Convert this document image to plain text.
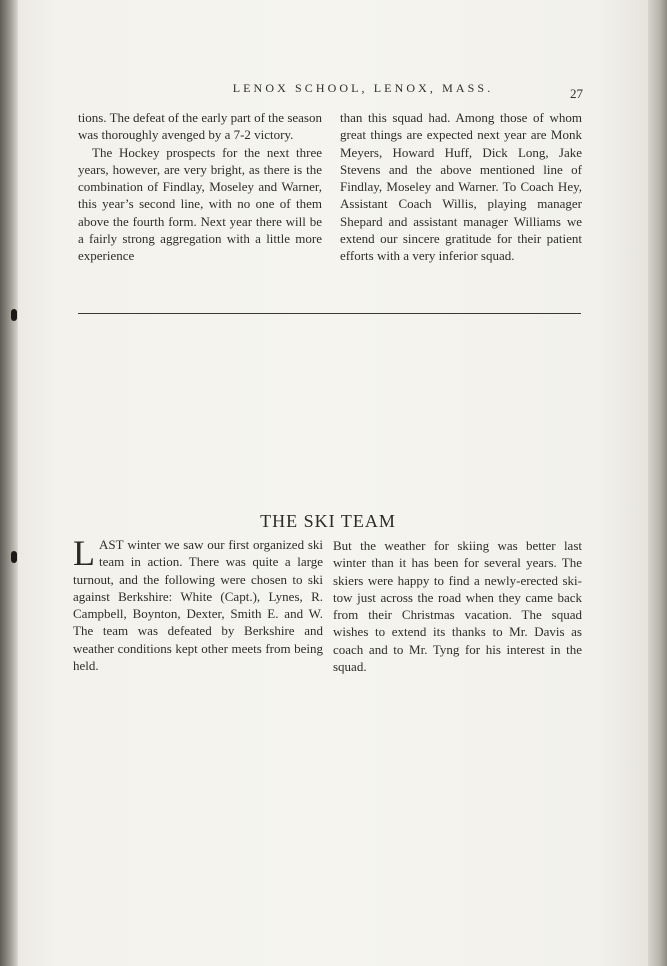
LENOX SCHOOL, LENOX, MASS.	27

tions. The defeat of the early part of the season was thoroughly avenged by a 7-2 victory.

The Hockey prospects for the next three years, however, are very bright, as there is the combination of Findlay, Moseley and Warner, this year’s second line, with no one of them above the fourth form. Next year there will be a fairly strong aggregation with a little more experience

than this squad had. Among those of whom great things are expected next year are Monk Meyers, Howard Huff, Dick Long, Jake Stevens and the above mentioned line of Findlay, Moseley and Warner. To Coach Hey, Assistant Coach Willis, playing manager Shepard and assistant manager Williams we extend our sincere gratitude for their patient efforts with a very inferior squad.

THE SKI TEAM

LAST winter we saw our first organized ski team in action. There was quite a large turnout, and the following were chosen to ski against Berkshire: White (Capt.), Lynes, R. Campbell, Boynton, Dexter, Smith E. and W. The team was defeated by Berkshire and weather conditions kept other meets from being held.

But the weather for skiing was better last winter than it has been for several years. The skiers were happy to find a newly-erected ski-tow just across the road when they came back from their Christmas vacation. The squad wishes to extend its thanks to Mr. Davis as coach and to Mr. Tyng for his interest in the squad.
